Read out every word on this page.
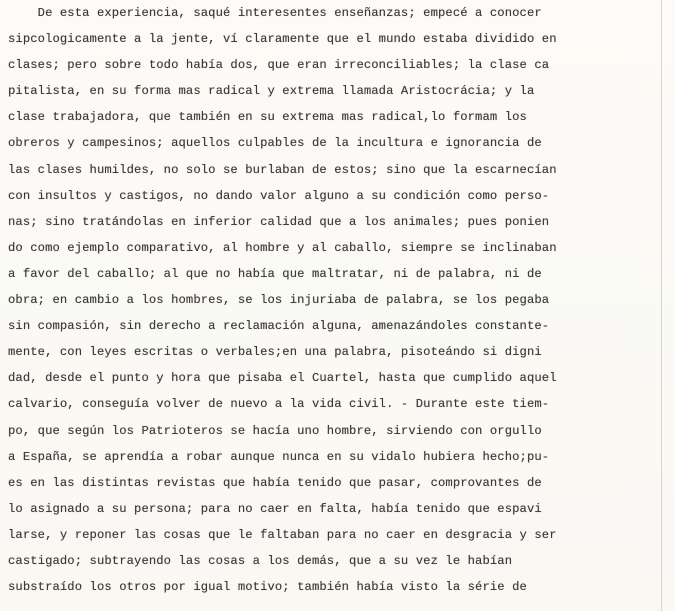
De esta experiencia, saqué interesentes enseñanzas; empecé a conocer
sipcologicamente a la jente, ví claramente que el mundo estaba dividido en
clases; pero sobre todo había dos, que eran irreconciliables; la clase ca
pitalista, en su forma mas radical y extrema llamada Aristocrácia; y la
clase trabajadora, que también en su extrema mas radical,lo formam los
obreros y campesinos; aquellos culpables de la incultura e ignorancia de
las clases humildes, no solo se burlaban de estos; sino que la escarnecían
con insultos y castigos, no dando valor alguno a su condición como perso-
nas; sino tratándolas en inferior calidad que a los animales; pues ponien
do como ejemplo comparativo, al hombre y al caballo, siempre se inclinaban
a favor del caballo; al que no había que maltratar, ni de palabra, ni de
obra; en cambio a los hombres, se los injuriaba de palabra, se los pegaba
sin compasión, sin derecho a reclamación alguna, amenazándoles constante-
mente, con leyes escritas o verbales;en una palabra, pisoteándo si digni
dad, desde el punto y hora que pisaba el Cuartel, hasta que cumplido aquel
calvario, conseguía volver de nuevo a la vida civil. - Durante este tiem-
po, que según los Patrioteros se hacía uno hombre, sirviendo con orgullo
a España, se aprendía a robar aunque nunca en su vidalo hubiera hecho;pu-
es en las distintas revistas que había tenido que pasar, comprovantes de
lo asignado a su persona; para no caer en falta, había tenido que espavi
larse, y reponer las cosas que le faltaban para no caer en desgracia y ser
castigado; subtrayendo las cosas a los demás, que a su vez le habían
substraído los otros por igual motivo; también había visto la série de
